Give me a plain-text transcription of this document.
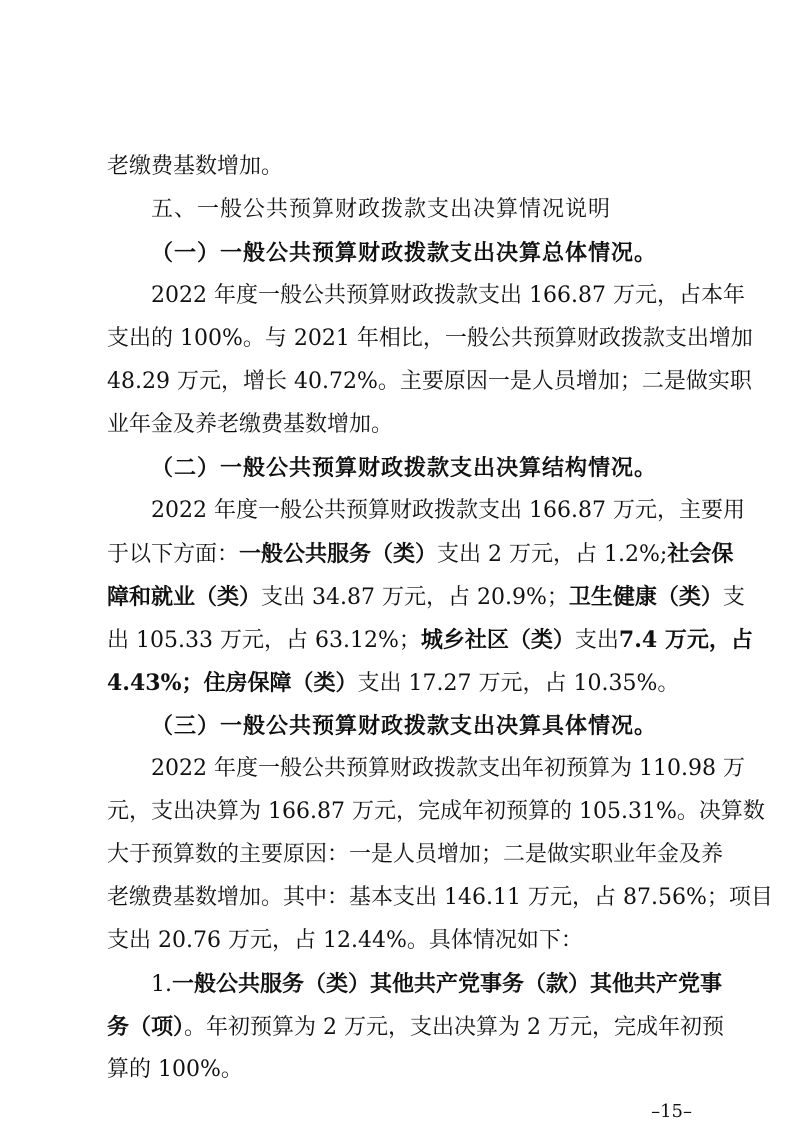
老缴费基数增加。
五、一般公共预算财政拨款支出决算情况说明
（一）一般公共预算财政拨款支出决算总体情况。
2022 年度一般公共预算财政拨款支出 166.87 万元，占本年
支出的 100%。与 2021 年相比，一般公共预算财政拨款支出增加
48.29 万元，增长 40.72%。主要原因一是人员增加；二是做实职
业年金及养老缴费基数增加。
（二）一般公共预算财政拨款支出决算结构情况。
2022 年度一般公共预算财政拨款支出 166.87 万元，主要用
于以下方面：一般公共服务（类）支出 2 万元，占 1.2%;社会保
障和就业（类）支出 34.87 万元，占 20.9%；卫生健康（类）支
出 105.33 万元，占 63.12%；城乡社区（类）支出7.4 万元，占
4.43%；住房保障（类）支出 17.27 万元，占 10.35%。
（三）一般公共预算财政拨款支出决算具体情况。
2022 年度一般公共预算财政拨款支出年初预算为 110.98 万
元，支出决算为 166.87 万元，完成年初预算的 105.31%。决算数
大于预算数的主要原因：一是人员增加；二是做实职业年金及养
老缴费基数增加。其中：基本支出 146.11 万元，占 87.56%；项目
支出 20.76 万元，占 12.44%。具体情况如下：
1.一般公共服务（类）其他共产党事务（款）其他共产党事
务（项）。年初预算为 2 万元，支出决算为 2 万元，完成年初预
算的 100%。
–15–
